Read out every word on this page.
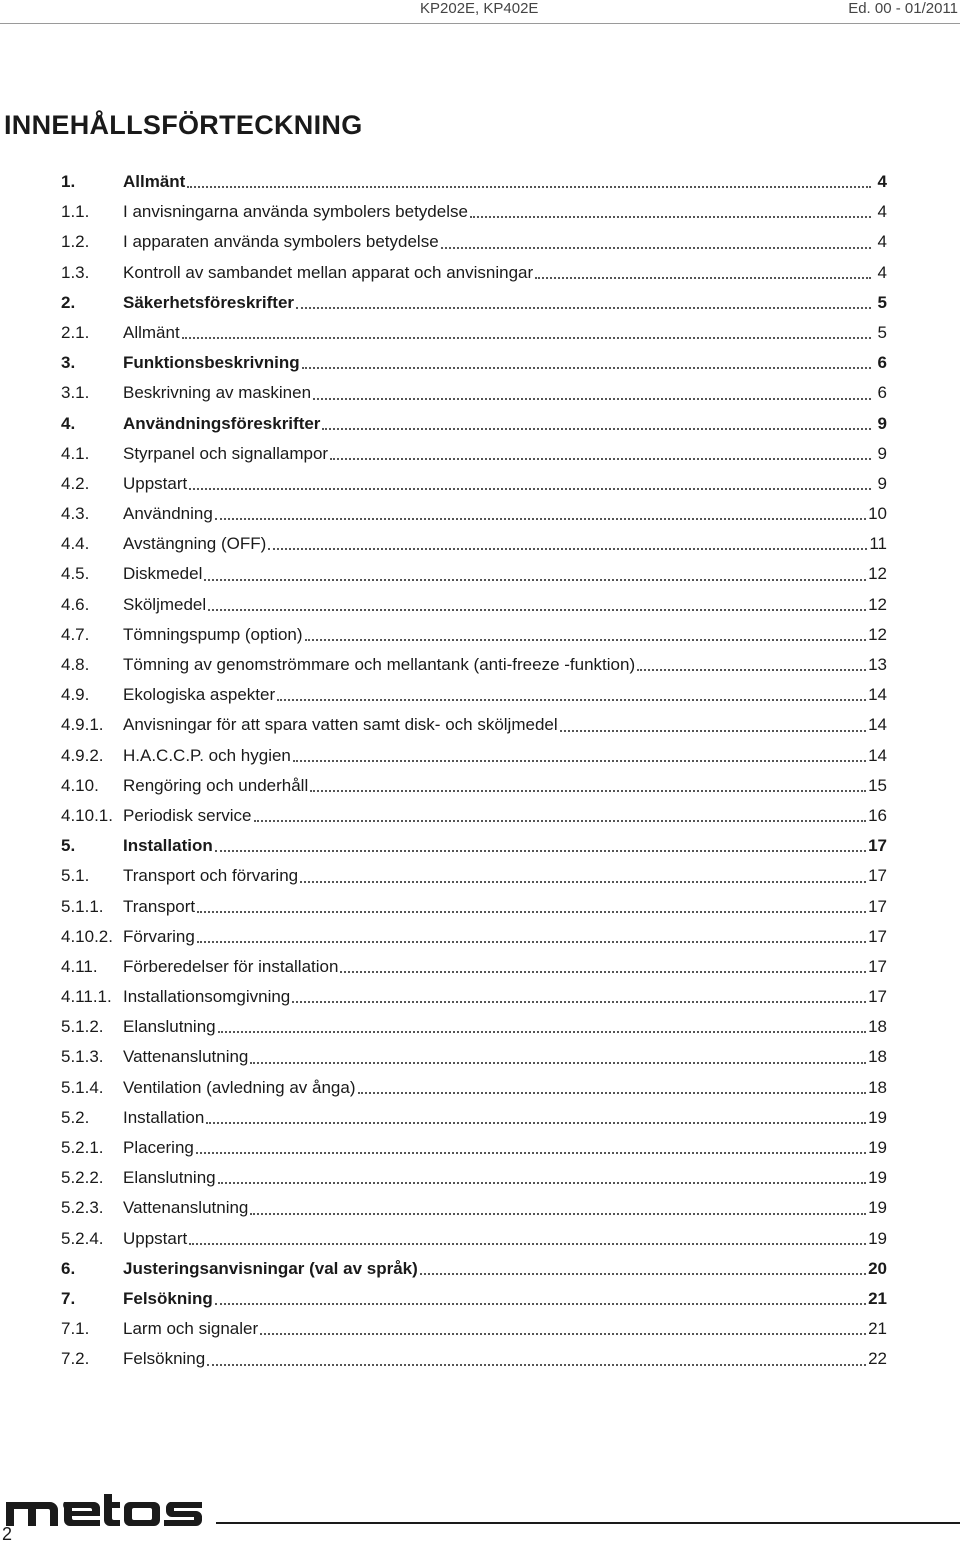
KP202E, KP402E	Ed. 00 - 01/2011
INNEHÅLLSFÖRTECKNING
1.	Allmänt	4
1.1.	I anvisningarna använda symbolers betydelse	4
1.2.	I apparaten använda symbolers betydelse	4
1.3.	Kontroll av sambandet mellan apparat och anvisningar	4
2.	Säkerhetsföreskrifter	5
2.1.	Allmänt	5
3.	Funktionsbeskrivning	6
3.1.	Beskrivning av maskinen	6
4.	Användningsföreskrifter	9
4.1.	Styrpanel och signallampor	9
4.2.	Uppstart	9
4.3.	Användning	10
4.4.	Avstängning (OFF)	11
4.5.	Diskmedel	12
4.6.	Sköljmedel	12
4.7.	Tömningspump (option)	12
4.8.	Tömning av genomströmmare och mellantank (anti-freeze -funktion)	13
4.9.	Ekologiska aspekter	14
4.9.1.	Anvisningar för att spara vatten samt disk- och sköljmedel	14
4.9.2.	H.A.C.C.P. och hygien	14
4.10.	Rengöring och underhåll	15
4.10.1. Periodisk service	16
5.	Installation	17
5.1.	Transport och förvaring	17
5.1.1.	Transport	17
4.10.2. Förvaring	17
4.11.	Förberedelser för installation	17
4.11.1. Installationsomgivning	17
5.1.2.	Elanslutning	18
5.1.3.	Vattenanslutning	18
5.1.4.	Ventilation (avledning av ånga)	18
5.2.	Installation	19
5.2.1.	Placering	19
5.2.2.	Elanslutning	19
5.2.3.	Vattenanslutning	19
5.2.4.	Uppstart	19
6.	Justeringsanvisningar (val av språk)	20
7.	Felsökning	21
7.1.	Larm och signaler	21
7.2.	Felsökning	22
2
